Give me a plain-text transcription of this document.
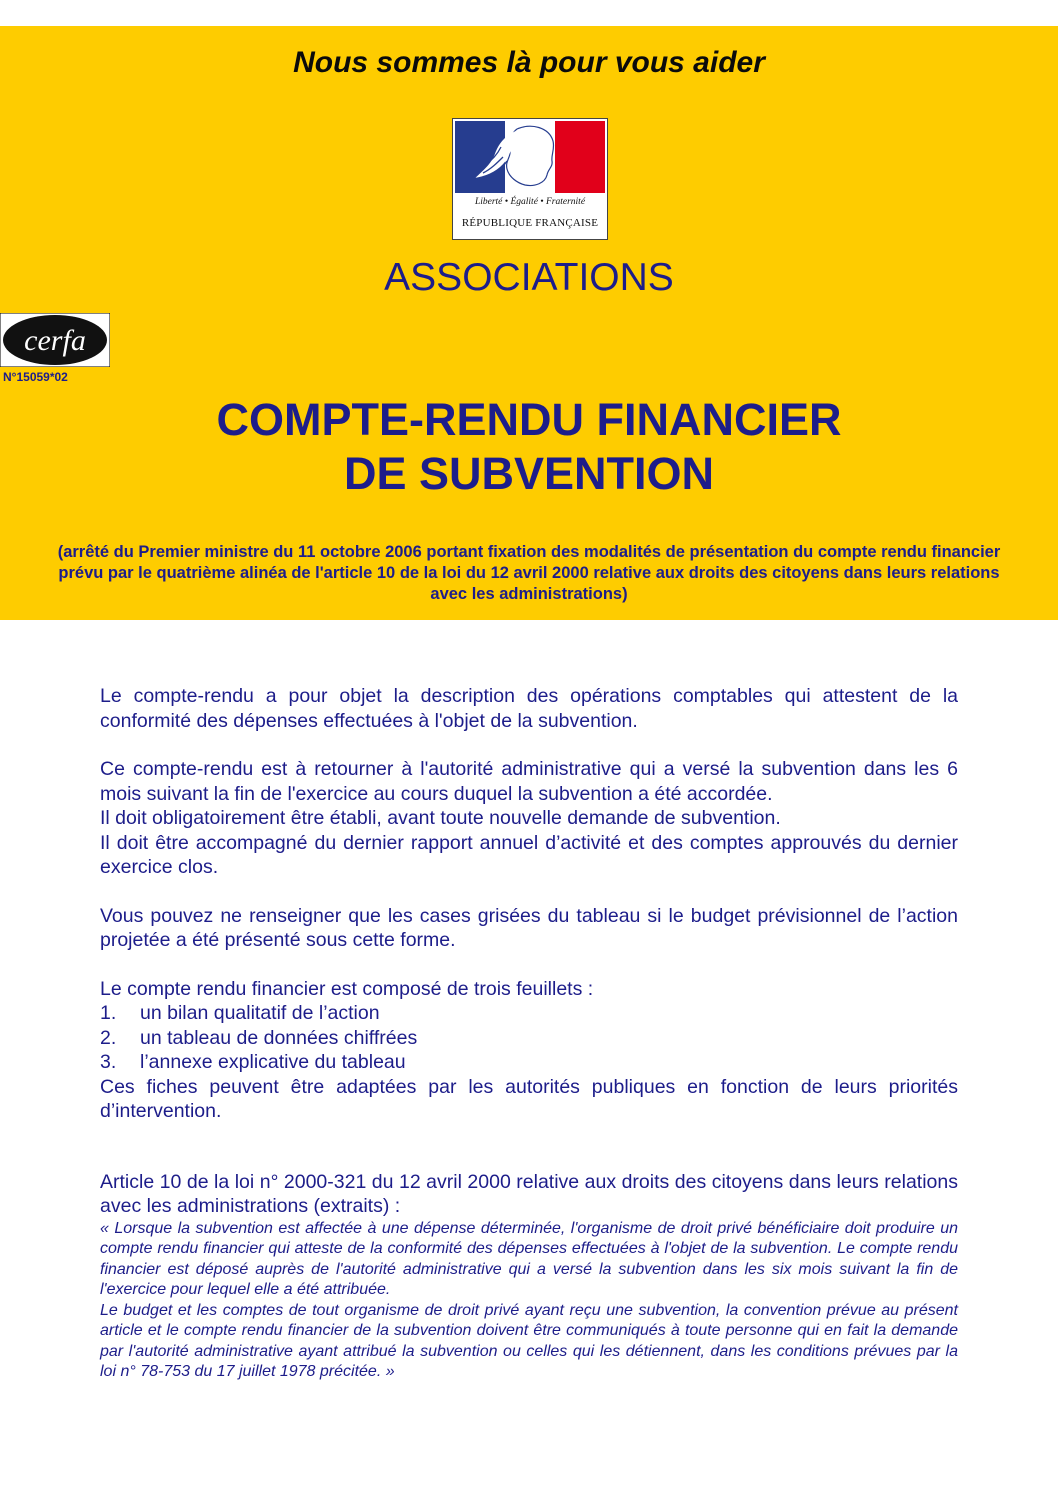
Nous sommes là pour vous aider
Liberté • Égalité • Fraternité
RÉPUBLIQUE FRANÇAISE
ASSOCIATIONS
cerfa
N°15059*02
COMPTE-RENDU FINANCIER
DE SUBVENTION
(arrêté du Premier ministre du 11 octobre 2006 portant fixation des modalités de présentation du compte rendu financier prévu par le quatrième alinéa de l'article 10 de la loi du 12 avril 2000 relative aux droits des citoyens dans leurs relations avec les administrations)

Le compte-rendu a pour objet la description des opérations comptables qui attestent de la conformité des dépenses effectuées à l'objet de la subvention.

Ce compte-rendu est à retourner à l'autorité administrative qui a versé la subvention dans les 6 mois suivant la fin de l'exercice au cours duquel la subvention a été accordée.

Il doit obligatoirement être établi, avant toute nouvelle demande de subvention.

Il doit être accompagné du dernier rapport annuel d’activité et des comptes approuvés du dernier exercice clos.

Vous pouvez ne renseigner que les cases grisées du tableau si le budget prévisionnel de l’action projetée a été présenté sous cette forme.

Le compte rendu financier est composé de trois feuillets :

1.	un bilan qualitatif de l’action
2.	un tableau de données chiffrées
3.	l’annexe explicative du tableau

Ces fiches peuvent être adaptées par les autorités publiques en fonction de leurs priorités d’intervention.

Article 10 de la loi n° 2000-321 du 12 avril 2000 relative aux droits des citoyens dans leurs relations avec les administrations (extraits) :

« Lorsque la subvention est affectée à une dépense déterminée, l'organisme de droit privé bénéficiaire doit produire un compte rendu financier qui atteste de la conformité des dépenses effectuées à l'objet de la subvention. Le compte rendu financier est déposé auprès de l'autorité administrative qui a versé la subvention dans les six mois suivant la fin de l'exercice pour lequel elle a été attribuée.

Le budget et les comptes de tout organisme de droit privé ayant reçu une subvention, la convention prévue au présent article et le compte rendu financier de la subvention doivent être communiqués à toute personne qui en fait la demande par l'autorité administrative ayant attribué la subvention ou celles qui les détiennent, dans les conditions prévues par la loi n° 78-753 du 17 juillet 1978 précitée. »
